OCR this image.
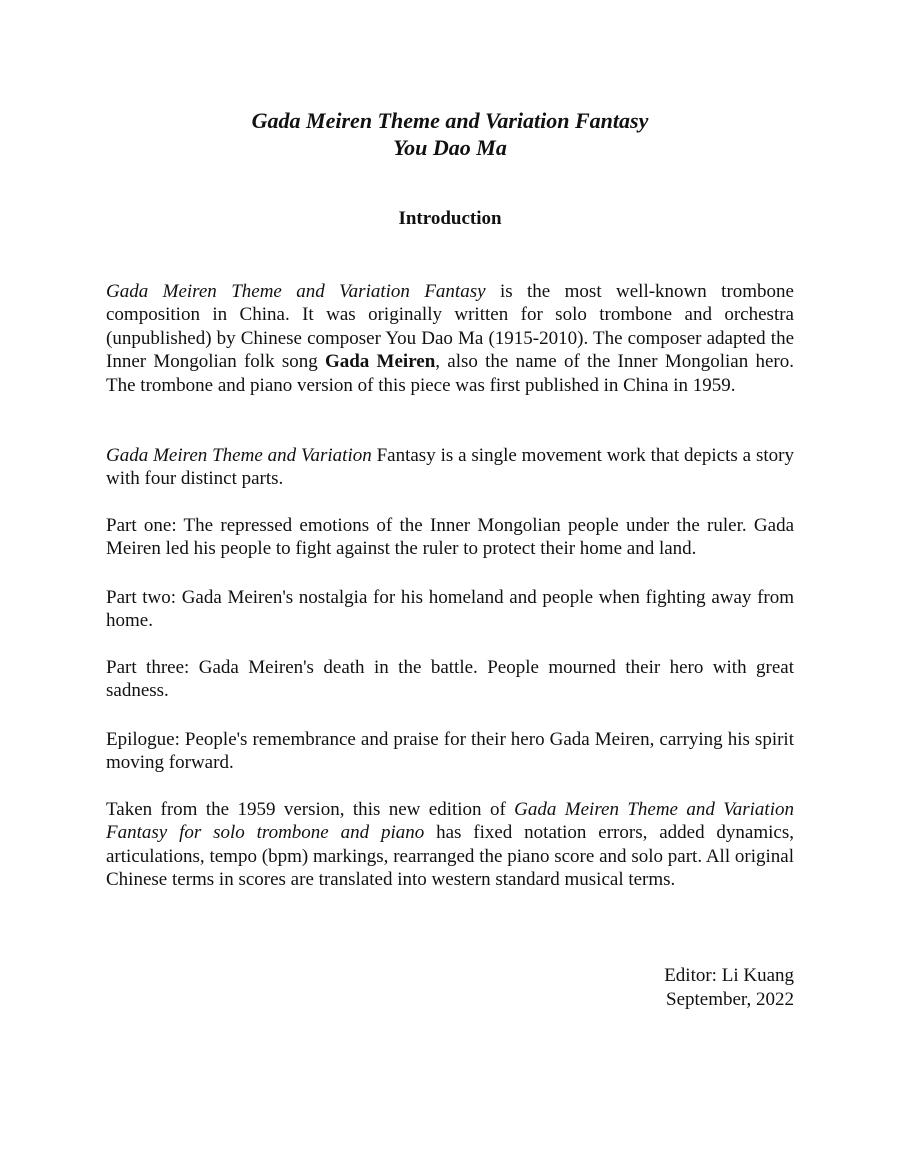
Gada Meiren Theme and Variation Fantasy
You Dao Ma
Introduction

Gada Meiren Theme and Variation Fantasy is the most well-known trombone composition in China. It was originally written for solo trombone and orchestra (unpublished) by Chinese composer You Dao Ma (1915-2010). The composer adapted the Inner Mongolian folk song Gada Meiren, also the name of the Inner Mongolian hero. The trombone and piano version of this piece was first published in China in 1959.

Gada Meiren Theme and Variation Fantasy is a single movement work that depicts a story with four distinct parts.

Part one: The repressed emotions of the Inner Mongolian people under the ruler. Gada Meiren led his people to fight against the ruler to protect their home and land.

Part two: Gada Meiren's nostalgia for his homeland and people when fighting away from home.

Part three: Gada Meiren's death in the battle. People mourned their hero with great sadness.

Epilogue: People's remembrance and praise for their hero Gada Meiren, carrying his spirit moving forward.

Taken from the 1959 version, this new edition of Gada Meiren Theme and Variation Fantasy for solo trombone and piano has fixed notation errors, added dynamics, articulations, tempo (bpm) markings, rearranged the piano score and solo part. All original Chinese terms in scores are translated into western standard musical terms.

Editor: Li Kuang
September, 2022
